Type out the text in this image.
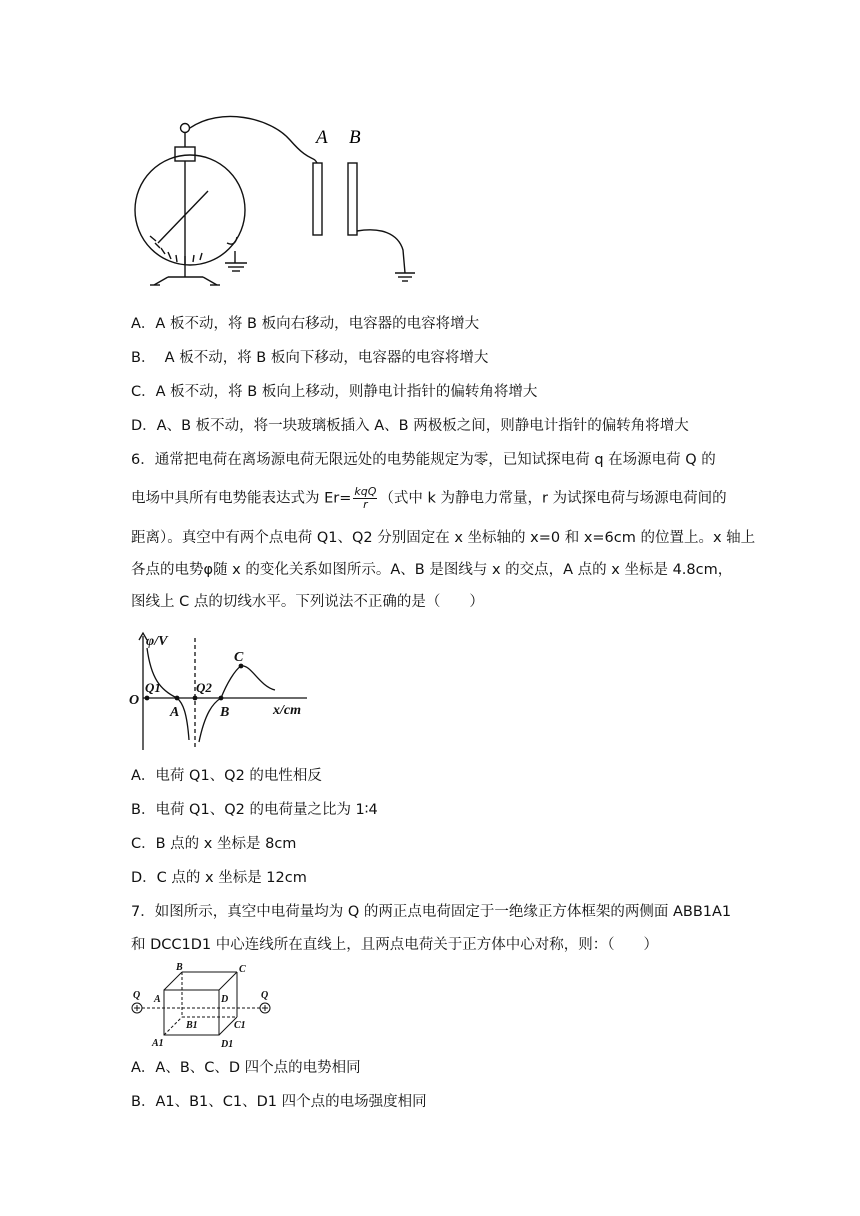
A B
A．A 板不动，将 B 板向右移动，电容器的电容将增大
B．  A 板不动，将 B 板向下移动，电容器的电容将增大
C．A 板不动，将 B 板向上移动，则静电计指针的偏转角将增大
D．A、B 板不动，将一块玻璃板插入 A、B 两极板之间，则静电计指针的偏转角将增大
6．通常把电荷在离场源电荷无限远处的电势能规定为零，已知试探电荷 q 在场源电荷 Q 的
电场中具所有电势能表达式为 $Er= \frac{\text{kqQ}}{r}$ （式中 k 为静电力常量，r 为试探电荷与场源电荷间的
距离）。真空中有两个点电荷 Q1、Q2 分别固定在 x 坐标轴的 x=0 和 x=6cm 的位置上。x 轴上
各点的电势φ随 x 的变化关系如图所示。A、B 是图线与 x 的交点，A 点的 x 坐标是 4.8cm，
图线上 C 点的切线水平。下列说法不正确的是（　　）
φ/V
x/cm
O
Q1	Q2
A	B
C
A．电荷 Q1、Q2 的电性相反
B．电荷 Q1、Q2 的电荷量之比为 1∶4
C．B 点的 x 坐标是 8cm
D．C 点的 x 坐标是 12cm
7．如图所示，真空中电荷量均为 Q 的两正点电荷固定于一绝缘正方体框架的两侧面 ABB1A1
和 DCC1D1 中心连线所在直线上，且两点电荷关于正方体中心对称，则：（　　）
Q	Q
A
B	C
D
A1
B1	C1
D1
A．A、B、C、D 四个点的电势相同
B．A1、B1、C1、D1 四个点的电场强度相同
